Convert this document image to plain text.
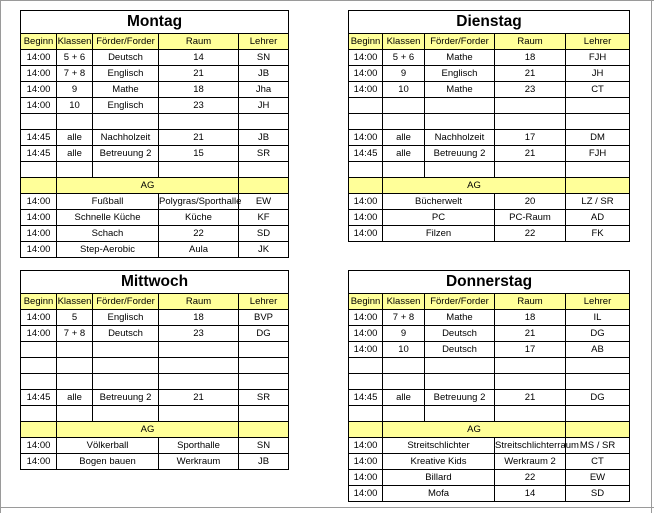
Montag				
Beginn	Klassen	Förder/Forder	Raum	Lehrer
14:00	5 + 6	Deutsch	14	SN
14:00	7 + 8	Englisch	21	JB
14:00	9	Mathe	18	Jha
14:00	10	Englisch	23	JH

14:45	alle	Nachholzeit	21	JB
14:45	alle	Betreuung 2	15	SR

	AG			
14:00	Fußball		Polygras/Sporthalle	EW
14:00	Schnelle Küche		Küche	KF
14:00	Schach		22	SD
14:00	Step-Aerobic		Aula	JK
Dienstag				
Beginn	Klassen	Förder/Forder	Raum	Lehrer
14:00	5 + 6	Mathe	18	FJH
14:00	9	Englisch	21	JH
14:00	10	Mathe	23	CT

14:00	alle	Nachholzeit	17	DM
14:45	alle	Betreuung 2	21	FJH

	AG			
14:00	Bücherwelt		20	LZ / SR
14:00	PC		PC-Raum	AD
14:00	Filzen		22	FK
Mittwoch				
Beginn	Klassen	Förder/Forder	Raum	Lehrer
14:00	5	Englisch	18	BVP
14:00	7 + 8	Deutsch	23	DG

14:45	alle	Betreuung 2	21	SR

	AG			
14:00	Völkerball		Sporthalle	SN
14:00	Bogen bauen		Werkraum	JB
Donnerstag				
Beginn	Klassen	Förder/Forder	Raum	Lehrer
14:00	7 + 8	Mathe	18	IL
14:00	9	Deutsch	21	DG
14:00	10	Deutsch	17	AB

14:45	alle	Betreuung 2	21	DG

	AG			
14:00	Streitschlichter		Streitschlichterraum	MS / SR
14:00	Kreative Kids		Werkraum 2	CT
14:00	Billard		22	EW
14:00	Mofa		14	SD
